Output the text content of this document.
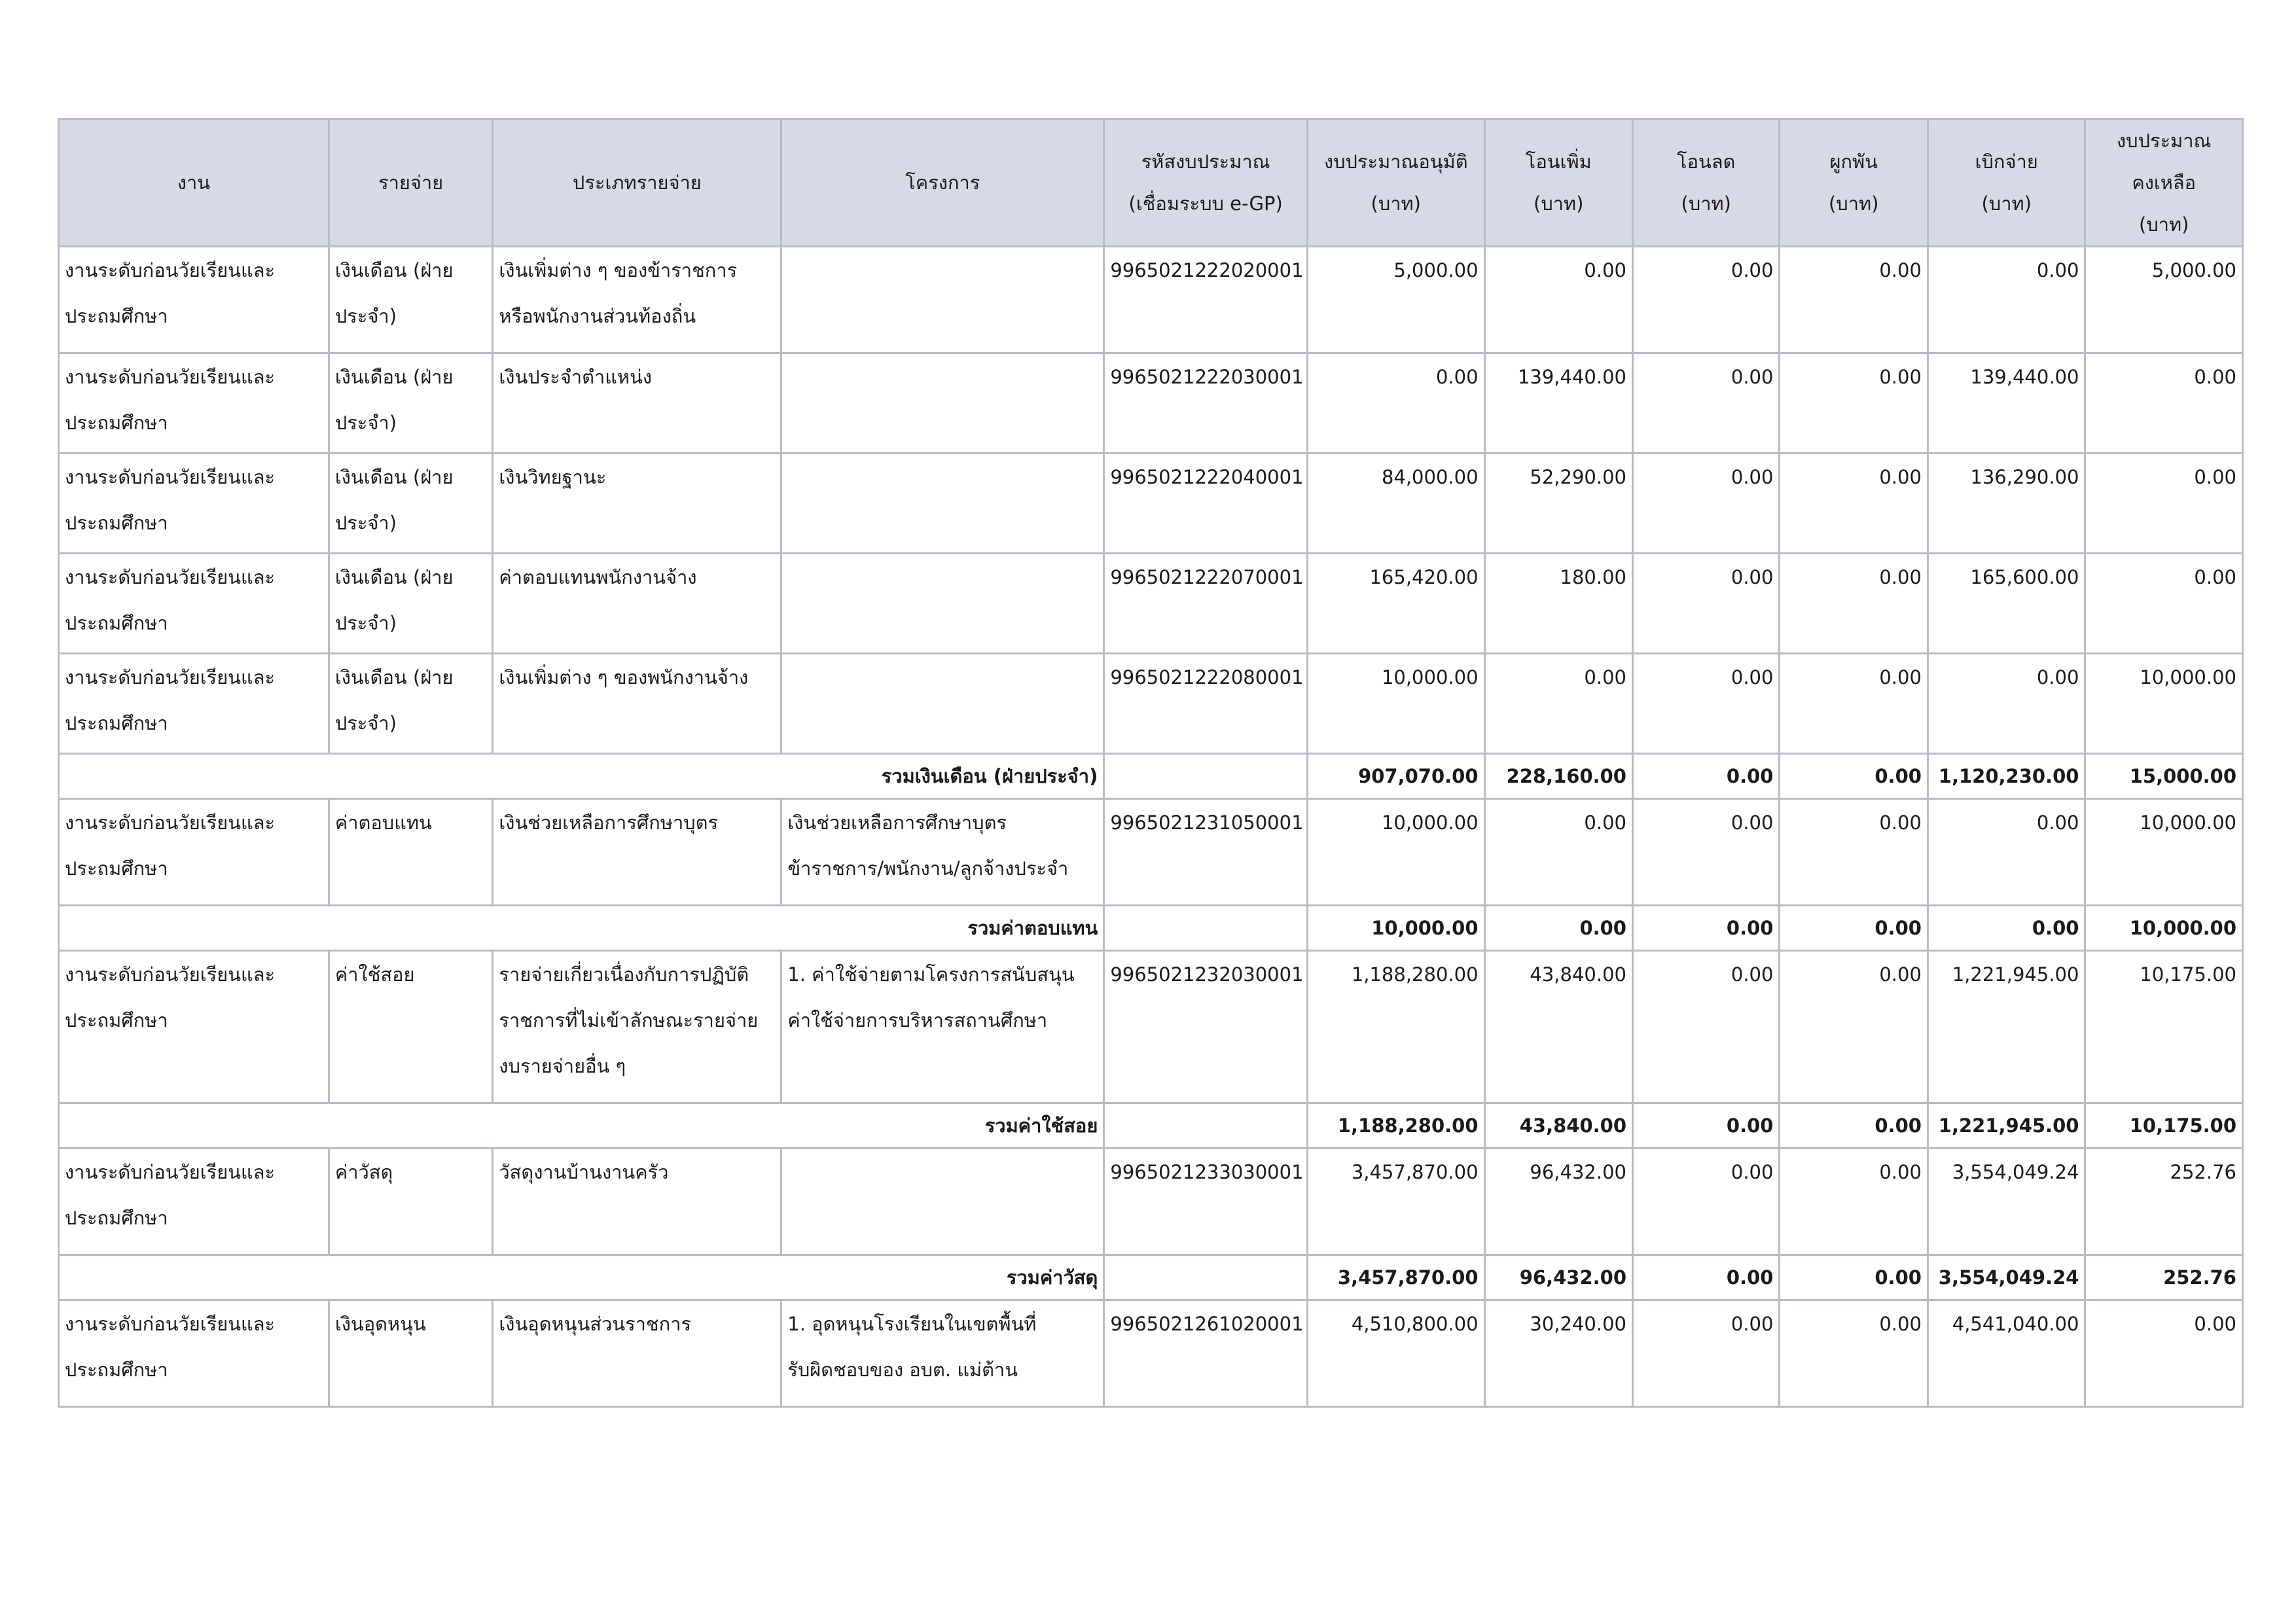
งาน	รายจ่าย	ประเภทรายจ่าย	โครงการ	รหัสงบประมาณ
(เชื่อมระบบ e-GP)	งบประมาณอนุมัติ
(บาท)	โอนเพิ่ม
(บาท)	โอนลด
(บาท)	ผูกพัน
(บาท)	เบิกจ่าย
(บาท)	งบประมาณ
คงเหลือ
(บาท)

งานระดับก่อนวัยเรียนและ
ประถมศึกษา	เงินเดือน (ฝ่าย
ประจำ)	เงินเพิ่มต่าง ๆ ของข้าราชการ
หรือพนักงานส่วนท้องถิ่น		9965021222020001	5,000.00	0.00	0.00	0.00	0.00	5,000.00

งานระดับก่อนวัยเรียนและ
ประถมศึกษา	เงินเดือน (ฝ่าย
ประจำ)	เงินประจำตำแหน่ง		9965021222030001	0.00	139,440.00	0.00	0.00	139,440.00	0.00

งานระดับก่อนวัยเรียนและ
ประถมศึกษา	เงินเดือน (ฝ่าย
ประจำ)	เงินวิทยฐานะ		9965021222040001	84,000.00	52,290.00	0.00	0.00	136,290.00	0.00

งานระดับก่อนวัยเรียนและ
ประถมศึกษา	เงินเดือน (ฝ่าย
ประจำ)	ค่าตอบแทนพนักงานจ้าง		9965021222070001	165,420.00	180.00	0.00	0.00	165,600.00	0.00

งานระดับก่อนวัยเรียนและ
ประถมศึกษา	เงินเดือน (ฝ่าย
ประจำ)	เงินเพิ่มต่าง ๆ ของพนักงานจ้าง		9965021222080001	10,000.00	0.00	0.00	0.00	0.00	10,000.00
รวมเงินเดือน (ฝ่ายประจำ)					907,070.00	228,160.00	0.00	0.00	1,120,230.00	15,000.00

งานระดับก่อนวัยเรียนและ
ประถมศึกษา	ค่าตอบแทน	เงินช่วยเหลือการศึกษาบุตร	เงินช่วยเหลือการศึกษาบุตร
ข้าราชการ/พนักงาน/ลูกจ้างประจำ	9965021231050001	10,000.00	0.00	0.00	0.00	0.00	10,000.00
รวมค่าตอบแทน					10,000.00	0.00	0.00	0.00	0.00	10,000.00

งานระดับก่อนวัยเรียนและ
ประถมศึกษา	ค่าใช้สอย	รายจ่ายเกี่ยวเนื่องกับการปฏิบัติ
ราชการที่ไม่เข้าลักษณะรายจ่าย
งบรายจ่ายอื่น ๆ	1. ค่าใช้จ่ายตามโครงการสนับสนุน
ค่าใช้จ่ายการบริหารสถานศึกษา	9965021232030001	1,188,280.00	43,840.00	0.00	0.00	1,221,945.00	10,175.00
รวมค่าใช้สอย					1,188,280.00	43,840.00	0.00	0.00	1,221,945.00	10,175.00

งานระดับก่อนวัยเรียนและ
ประถมศึกษา	ค่าวัสดุ	วัสดุงานบ้านงานครัว		9965021233030001	3,457,870.00	96,432.00	0.00	0.00	3,554,049.24	252.76
รวมค่าวัสดุ					3,457,870.00	96,432.00	0.00	0.00	3,554,049.24	252.76

งานระดับก่อนวัยเรียนและ
ประถมศึกษา	เงินอุดหนุน	เงินอุดหนุนส่วนราชการ	1. อุดหนุนโรงเรียนในเขตพื้นที่
รับผิดชอบของ อบต. แม่ต้าน	9965021261020001	4,510,800.00	30,240.00	0.00	0.00	4,541,040.00	0.00
